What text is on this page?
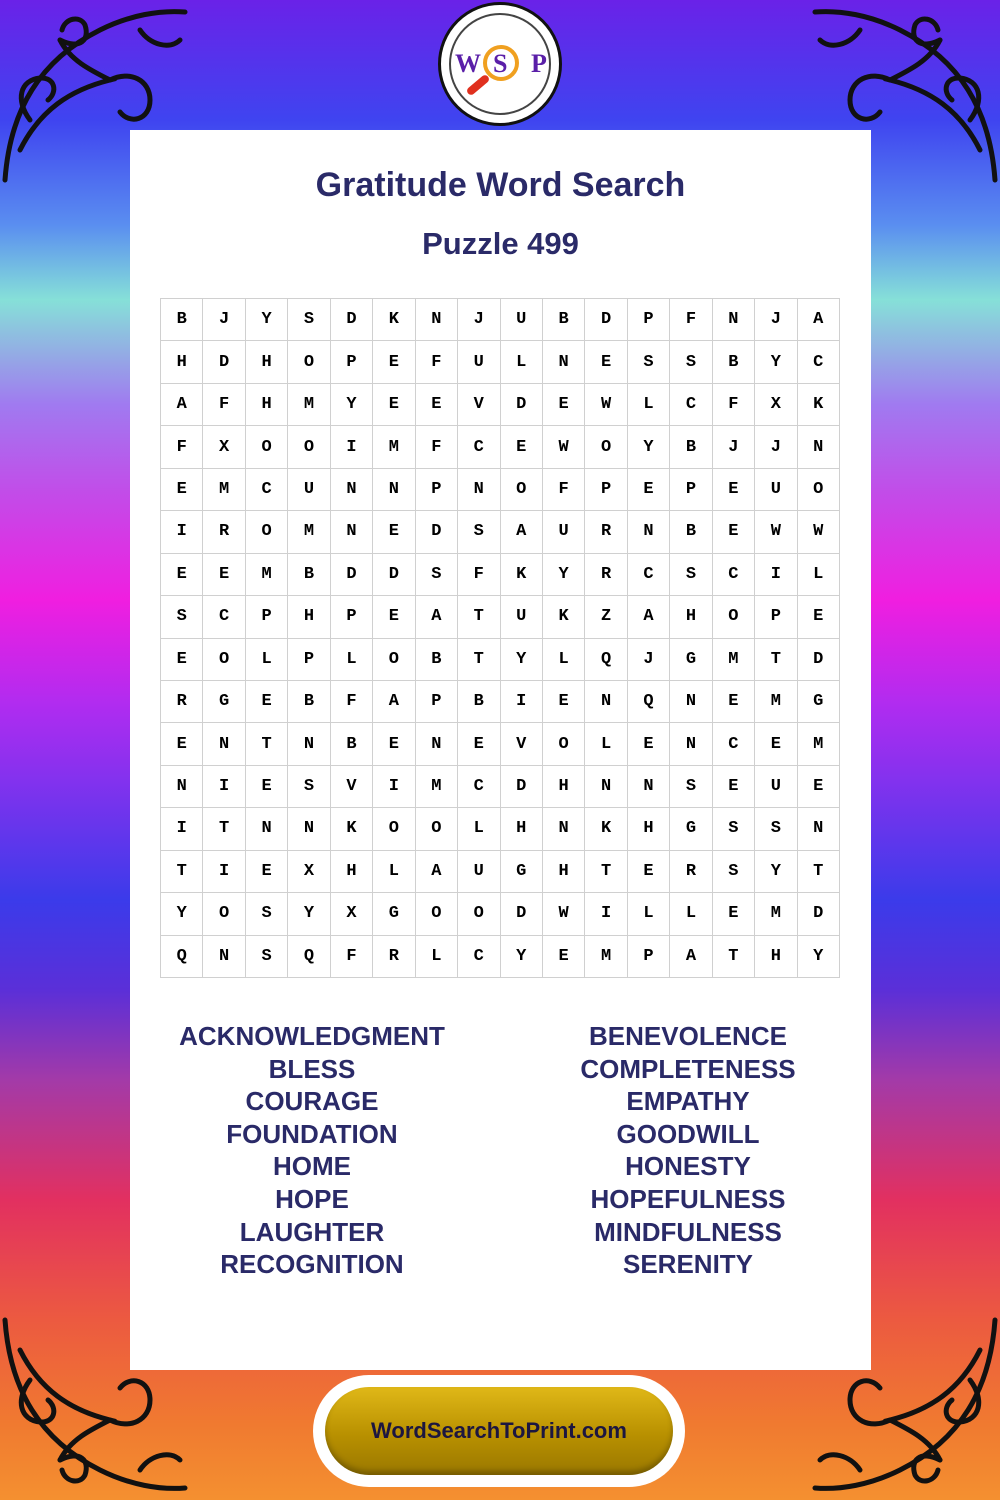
W S P
Gratitude Word Search
Puzzle 499
B	J	Y	S	D	K	N	J	U	B	D	P	F	N	J	A
H	D	H	O	P	E	F	U	L	N	E	S	S	B	Y	C
A	F	H	M	Y	E	E	V	D	E	W	L	C	F	X	K
F	X	O	O	I	M	F	C	E	W	O	Y	B	J	J	N
E	M	C	U	N	N	P	N	O	F	P	E	P	E	U	O
I	R	O	M	N	E	D	S	A	U	R	N	B	E	W	W
E	E	M	B	D	D	S	F	K	Y	R	C	S	C	I	L
S	C	P	H	P	E	A	T	U	K	Z	A	H	O	P	E
E	O	L	P	L	O	B	T	Y	L	Q	J	G	M	T	D
R	G	E	B	F	A	P	B	I	E	N	Q	N	E	M	G
E	N	T	N	B	E	N	E	V	O	L	E	N	C	E	M
N	I	E	S	V	I	M	C	D	H	N	N	S	E	U	E
I	T	N	N	K	O	O	L	H	N	K	H	G	S	S	N
T	I	E	X	H	L	A	U	G	H	T	E	R	S	Y	T
Y	O	S	Y	X	G	O	O	D	W	I	L	L	E	M	D
Q	N	S	Q	F	R	L	C	Y	E	M	P	A	T	H	Y
ACKNOWLEDGMENT
BLESS
COURAGE
FOUNDATION
HOME
HOPE
LAUGHTER
RECOGNITION
BENEVOLENCE
COMPLETENESS
EMPATHY
GOODWILL
HONESTY
HOPEFULNESS
MINDFULNESS
SERENITY
WordSearchToPrint.com
